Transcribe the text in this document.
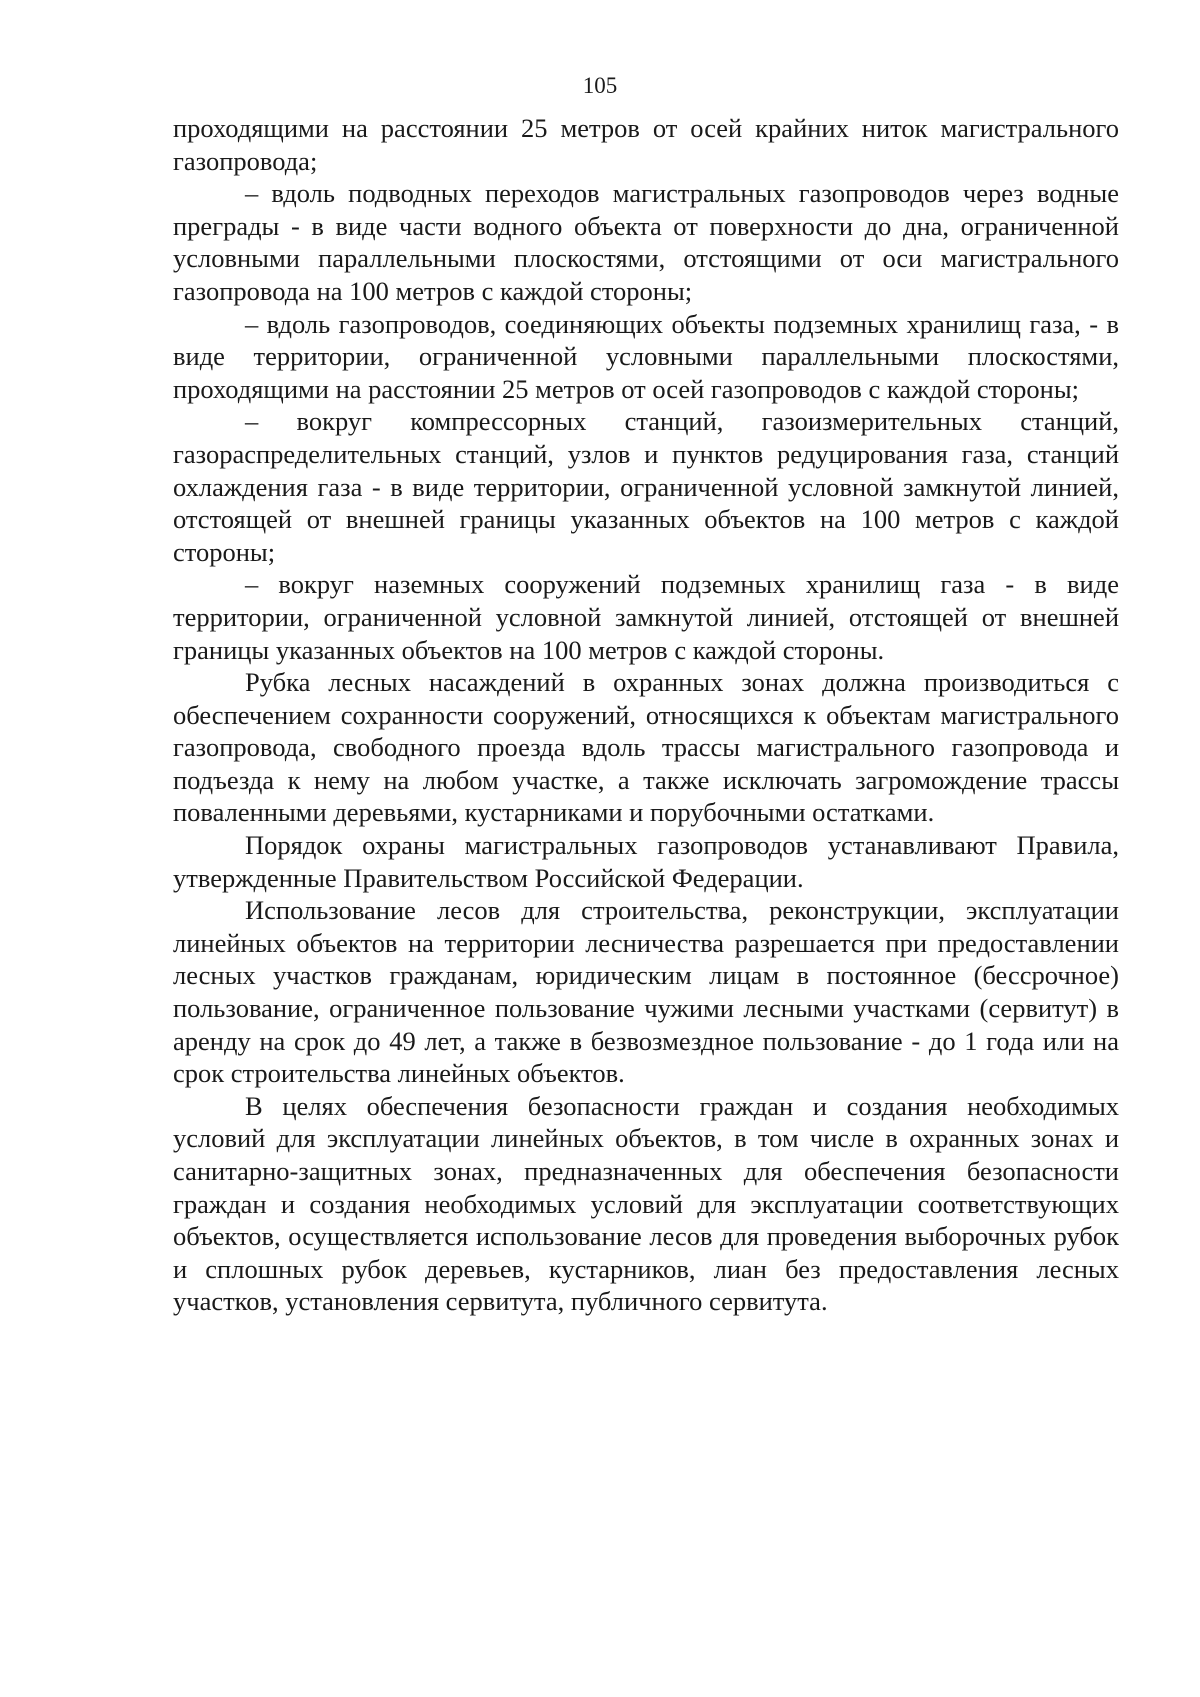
105

проходящими на расстоянии 25 метров от осей крайних ниток магистрального газопровода;

– вдоль подводных переходов магистральных газопроводов через водные преграды - в виде части водного объекта от поверхности до дна, ограниченной условными параллельными плоскостями, отстоящими от оси магистрального газопровода на 100 метров с каждой стороны;

– вдоль газопроводов, соединяющих объекты подземных хранилищ газа, - в виде территории, ограниченной условными параллельными плоскостями, проходящими на расстоянии 25 метров от осей газопроводов с каждой стороны;

– вокруг компрессорных станций, газоизмерительных станций, газораспределительных станций, узлов и пунктов редуцирования газа, станций охлаждения газа - в виде территории, ограниченной условной замкнутой линией, отстоящей от внешней границы указанных объектов на 100 метров с каждой стороны;

– вокруг наземных сооружений подземных хранилищ газа - в виде территории, ограниченной условной замкнутой линией, отстоящей от внешней границы указанных объектов на 100 метров с каждой стороны.

Рубка лесных насаждений в охранных зонах должна производиться с обеспечением сохранности сооружений, относящихся к объектам магистрального газопровода, свободного проезда вдоль трассы магистрального газопровода и подъезда к нему на любом участке, а также исключать загромождение трассы поваленными деревьями, кустарниками и порубочными остатками.

Порядок охраны магистральных газопроводов устанавливают Правила, утвержденные Правительством Российской Федерации.

Использование лесов для строительства, реконструкции, эксплуатации линейных объектов на территории лесничества разрешается при предоставлении лесных участков гражданам, юридическим лицам в постоянное (бессрочное) пользование, ограниченное пользование чужими лесными участками (сервитут) в аренду на срок до 49 лет, а также в безвозмездное пользование - до 1 года или на срок строительства линейных объектов.

В целях обеспечения безопасности граждан и создания необходимых условий для эксплуатации линейных объектов, в том числе в охранных зонах и санитарно-защитных зонах, предназначенных для обеспечения безопасности граждан и создания необходимых условий для эксплуатации соответствующих объектов, осуществляется использование лесов для проведения выборочных рубок и сплошных рубок деревьев, кустарников, лиан без предоставления лесных участков, установления сервитута, публичного сервитута.
